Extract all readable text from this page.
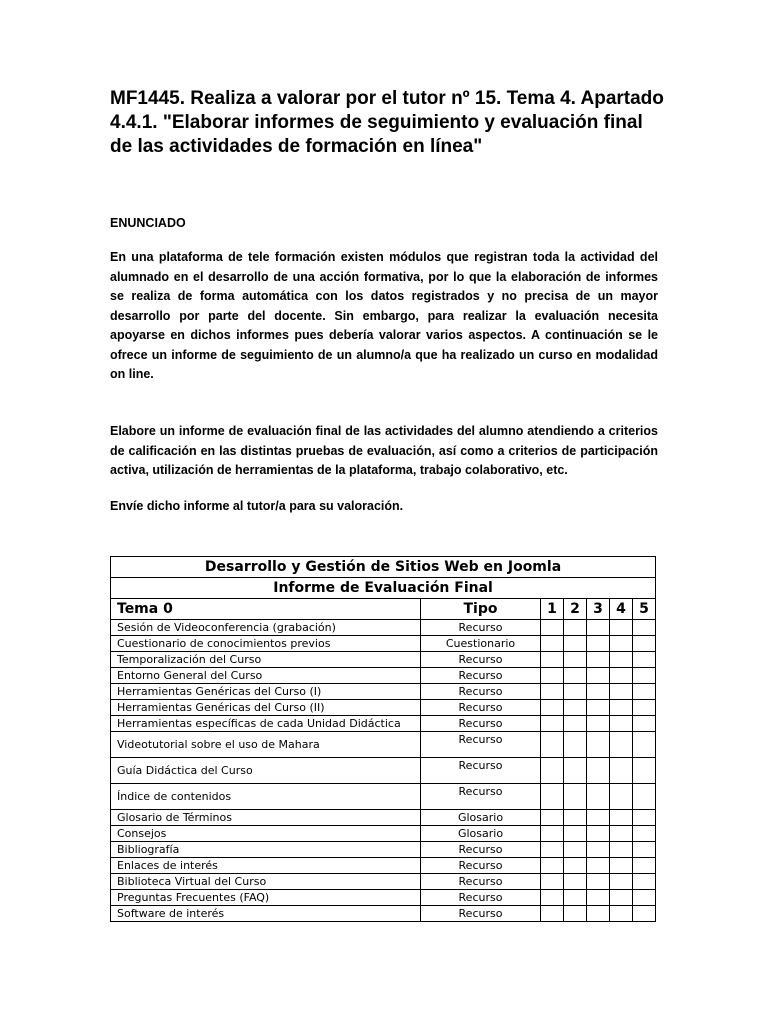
MF1445. Realiza a valorar por el tutor nº 15. Tema 4. Apartado 4.4.1. "Elaborar informes de seguimiento y evaluación final de las actividades de formación en línea"

ENUNCIADO

En una plataforma de tele formación existen módulos que registran toda la actividad del alumnado en el desarrollo de una acción formativa, por lo que la elaboración de informes se realiza de forma automática con los datos registrados y no precisa de un mayor desarrollo por parte del docente. Sin embargo, para realizar la evaluación necesita apoyarse en dichos informes pues debería valorar varios aspectos. A continuación se le ofrece un informe de seguimiento de un alumno/a que ha realizado un curso en modalidad on line.

Elabore un informe de evaluación final de las actividades del alumno atendiendo a criterios de calificación en las distintas pruebas de evaluación, así como a criterios de participación activa, utilización de herramientas de la plataforma, trabajo colaborativo, etc.

Envíe dicho informe al tutor/a para su valoración.

Desarrollo y Gestión de Sitios Web en Joomla						
Informe de Evaluación Final						
Tema 0	Tipo	1	2	3	4	5
Sesión de Videoconferencia (grabación)	Recurso					
Cuestionario de conocimientos previos	Cuestionario					
Temporalización del Curso	Recurso					
Entorno General del Curso	Recurso					
Herramientas Genéricas del Curso (I)	Recurso					
Herramientas Genéricas del Curso (II)	Recurso					
Herramientas específicas de cada Unidad Didáctica	Recurso					
Videotutorial sobre el uso de Mahara	Recurso					
Guía Didáctica del Curso	Recurso					
Índice de contenidos	Recurso					
Glosario de Términos	Glosario					
Consejos	Glosario					
Bibliografía	Recurso					
Enlaces de interés	Recurso					
Biblioteca Virtual del Curso	Recurso					
Preguntas Frecuentes (FAQ)	Recurso					
Software de interés	Recurso					
